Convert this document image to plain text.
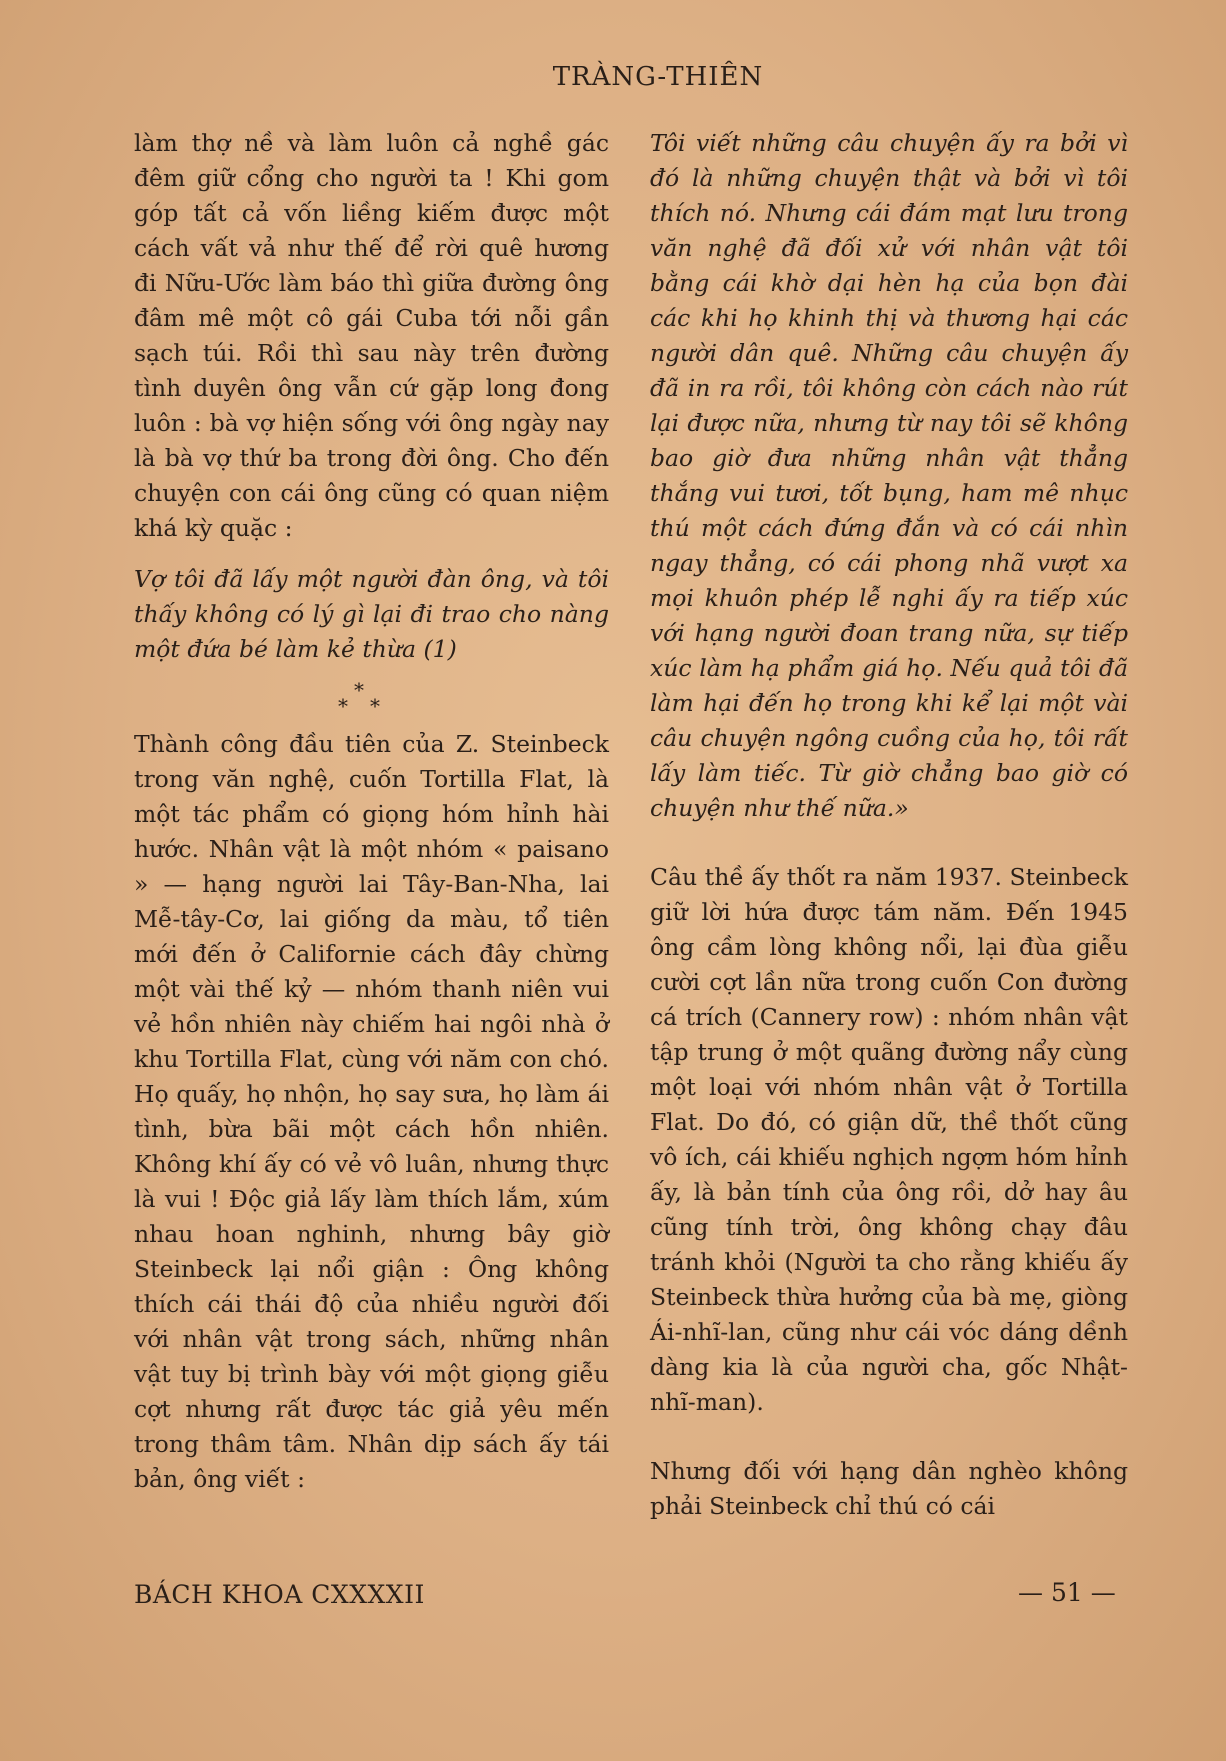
TRÀNG-THIÊN

làm thợ nề và làm luôn cả nghề gác đêm giữ cổng cho người ta ! Khi gom góp tất cả vốn liềng kiếm được một cách vất vả như thế để rời quê hương đi Nữu-Ước làm báo thì giữa đường ông đâm mê một cô gái Cuba tới nỗi gần sạch túi. Rồi thì sau này trên đường tình duyên ông vẫn cứ gặp long đong luôn : bà vợ hiện sống với ông ngày nay là bà vợ thứ ba trong đời ông. Cho đến chuyện con cái ông cũng có quan niệm khá kỳ quặc :

Vợ tôi đã lấy một người đàn ông, và tôi thấy không có lý gì lại đi trao cho nàng một đứa bé làm kẻ thừa (1)

*
* *

Thành công đầu tiên của Z. Steinbeck trong văn nghệ, cuốn Tortilla Flat, là một tác phẩm có giọng hóm hỉnh hài hước. Nhân vật là một nhóm « paisano » — hạng người lai Tây-Ban-Nha, lai Mễ-tây-Cơ, lai giống da màu, tổ tiên mới đến ở Californie cách đây chừng một vài thế kỷ — nhóm thanh niên vui vẻ hồn nhiên này chiếm hai ngôi nhà ở khu Tortilla Flat, cùng với năm con chó. Họ quấy, họ nhộn, họ say sưa, họ làm ái tình, bừa bãi một cách hồn nhiên. Không khí ấy có vẻ vô luân, nhưng thực là vui ! Độc giả lấy làm thích lắm, xúm nhau hoan nghinh, nhưng bây giờ Steinbeck lại nổi giận : Ông không thích cái thái độ của nhiều người đối với nhân vật trong sách, những nhân vật tuy bị trình bày với một giọng giễu cợt nhưng rất được tác giả yêu mến trong thâm tâm. Nhân dịp sách ấy tái bản, ông viết :

Tôi viết những câu chuyện ấy ra bởi vì đó là những chuyện thật và bởi vì tôi thích nó. Nhưng cái đám mạt lưu trong văn nghệ đã đối xử với nhân vật tôi bằng cái khờ dại hèn hạ của bọn đài các khi họ khinh thị và thương hại các người dân quê. Những câu chuyện ấy đã in ra rồi, tôi không còn cách nào rút lại được nữa, nhưng từ nay tôi sẽ không bao giờ đưa những nhân vật thẳng thắng vui tươi, tốt bụng, ham mê nhục thú một cách đứng đắn và có cái nhìn ngay thẳng, có cái phong nhã vượt xa mọi khuôn phép lễ nghi ấy ra tiếp xúc với hạng người đoan trang nữa, sự tiếp xúc làm hạ phẩm giá họ. Nếu quả tôi đã làm hại đến họ trong khi kể lại một vài câu chuyện ngông cuồng của họ, tôi rất lấy làm tiếc. Từ giờ chẳng bao giờ có chuyện như thế nữa.»

Câu thề ấy thốt ra năm 1937. Steinbeck giữ lời hứa được tám năm. Đến 1945 ông cầm lòng không nổi, lại đùa giễu cười cợt lần nữa trong cuốn Con đường cá trích (Cannery row) : nhóm nhân vật tập trung ở một quãng đường nẩy cùng một loại với nhóm nhân vật ở Tortilla Flat. Do đó, có giận dữ, thề thốt cũng vô ích, cái khiếu nghịch ngợm hóm hỉnh ấy, là bản tính của ông rồi, dở hay âu cũng tính trời, ông không chạy đâu tránh khỏi (Người ta cho rằng khiếu ấy Steinbeck thừa hưởng của bà mẹ, giòng Ái-nhĩ-lan, cũng như cái vóc dáng dềnh dàng kia là của người cha, gốc Nhật-nhĩ-man).

Nhưng đối với hạng dân nghèo không phải Steinbeck chỉ thú có cái

BÁCH KHOA CXXXXII	— 51 —
